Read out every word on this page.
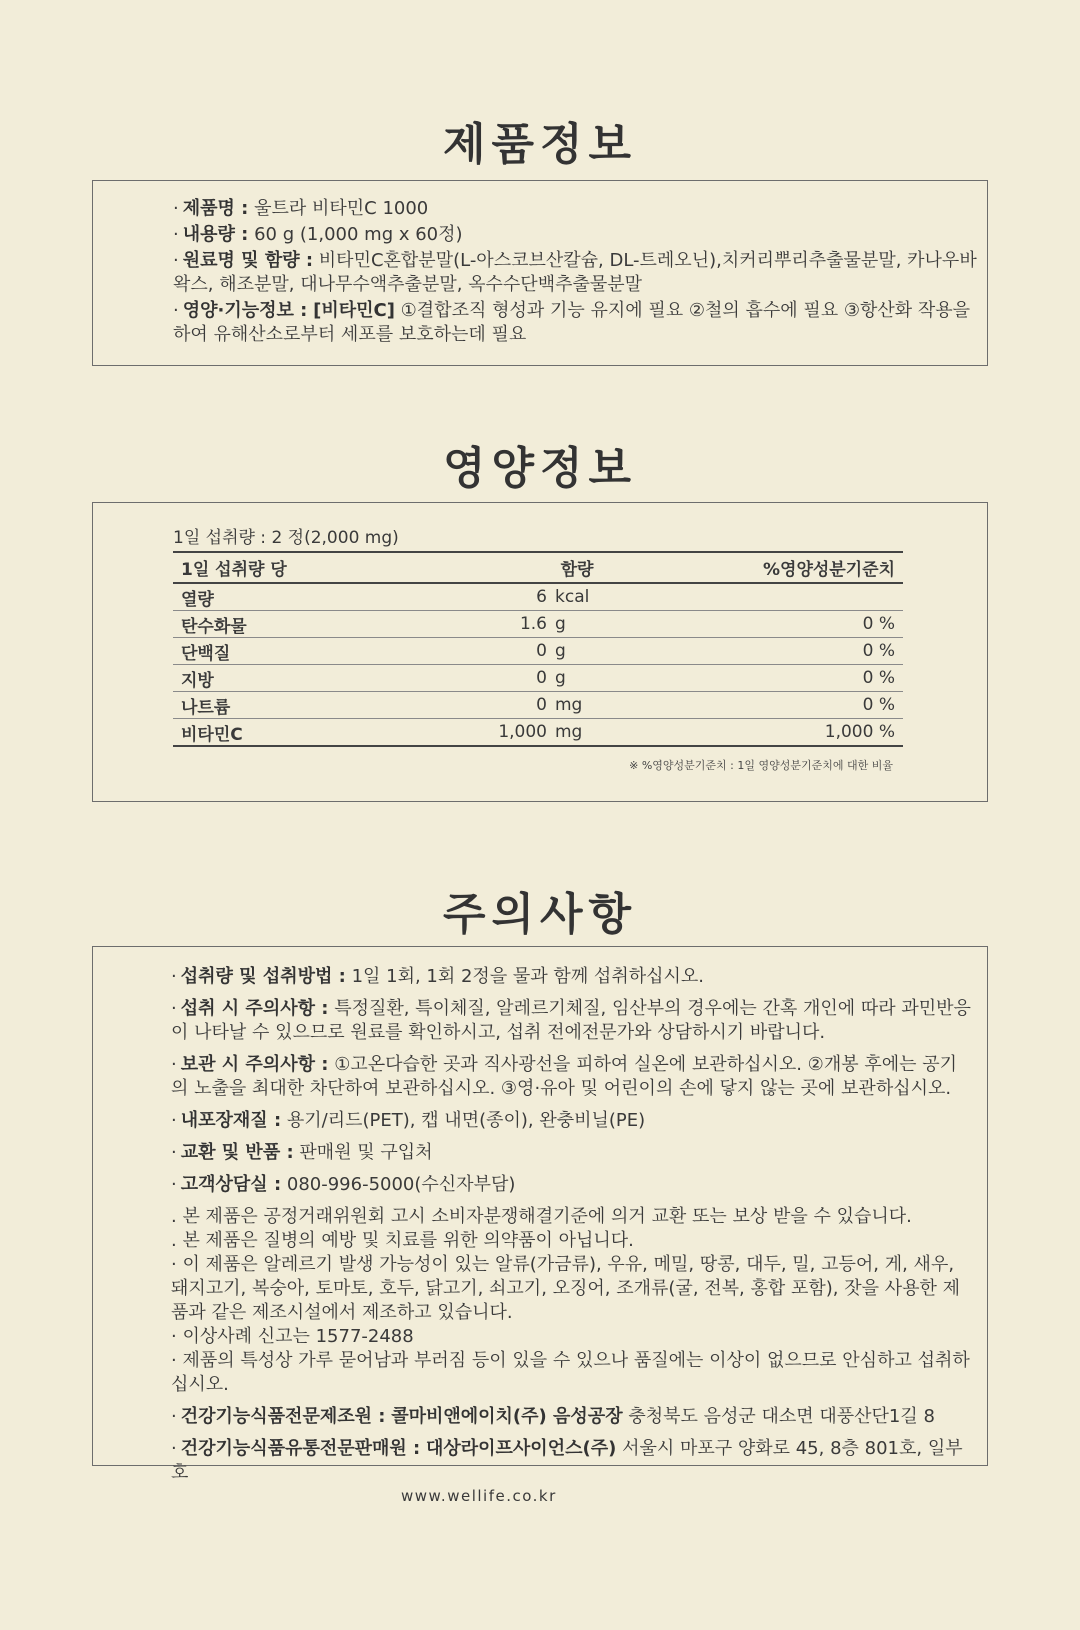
제품정보
· 제품명 : 울트라 비타민C 1000
· 내용량 : 60 g (1,000 mg x 60정)
· 원료명 및 함량 : 비타민C혼합분말(L-아스코브산칼슘, DL-트레오닌),치커리뿌리추출물분말, 카나우바왁스, 해조분말, 대나무수액추출분말, 옥수수단백추출물분말
· 영양·기능정보 : [비타민C] ①결합조직 형성과 기능 유지에 필요 ②철의 흡수에 필요 ③항산화 작용을 하여 유해산소로부터 세포를 보호하는데 필요
영양정보
1일 섭취량 : 2 정(2,000 mg)
1일 섭취량 당	함량		%영양성분기준치
열량	6	kcal	
탄수화물	1.6	g	0 %
단백질	0	g	0 %
지방	0	g	0 %
나트륨	0	mg	0 %
비타민C	1,000	mg	1,000 %
※ %영양성분기준치 : 1일 영양성분기준치에 대한 비율
주의사항
· 섭취량 및 섭취방법 : 1일 1회, 1회 2정을 물과 함께 섭취하십시오.
· 섭취 시 주의사항 : 특정질환, 특이체질, 알레르기체질, 임산부의 경우에는 간혹 개인에 따라 과민반응이 나타날 수 있으므로 원료를 확인하시고, 섭취 전에전문가와 상담하시기 바랍니다.
· 보관 시 주의사항 : ①고온다습한 곳과 직사광선을 피하여 실온에 보관하십시오. ②개봉 후에는 공기의 노출을 최대한 차단하여 보관하십시오. ③영·유아 및 어린이의 손에 닿지 않는 곳에 보관하십시오.
· 내포장재질 : 용기/리드(PET), 캡 내면(종이), 완충비닐(PE)
· 교환 및 반품 : 판매원 및 구입처
· 고객상담실 : 080-996-5000(수신자부담)
. 본 제품은 공정거래위원회 고시 소비자분쟁해결기준에 의거 교환 또는 보상 받을 수 있습니다.
. 본 제품은 질병의 예방 및 치료를 위한 의약품이 아닙니다.
· 이 제품은 알레르기 발생 가능성이 있는 알류(가금류), 우유, 메밀, 땅콩, 대두, 밀, 고등어, 게, 새우, 돼지고기, 복숭아, 토마토, 호두, 닭고기, 쇠고기, 오징어, 조개류(굴, 전복, 홍합 포함), 잣을 사용한 제품과 같은 제조시설에서 제조하고 있습니다.
· 이상사례 신고는 1577-2488
· 제품의 특성상 가루 묻어남과 부러짐 등이 있을 수 있으나 품질에는 이상이 없으므로 안심하고 섭취하십시오.
· 건강기능식품전문제조원 : 콜마비앤에이치(주) 음성공장 충청북도 음성군 대소면 대풍산단1길 8
· 건강기능식품유통전문판매원 : 대상라이프사이언스(주) 서울시 마포구 양화로 45, 8층 801호, 일부호
www.wellife.co.kr
